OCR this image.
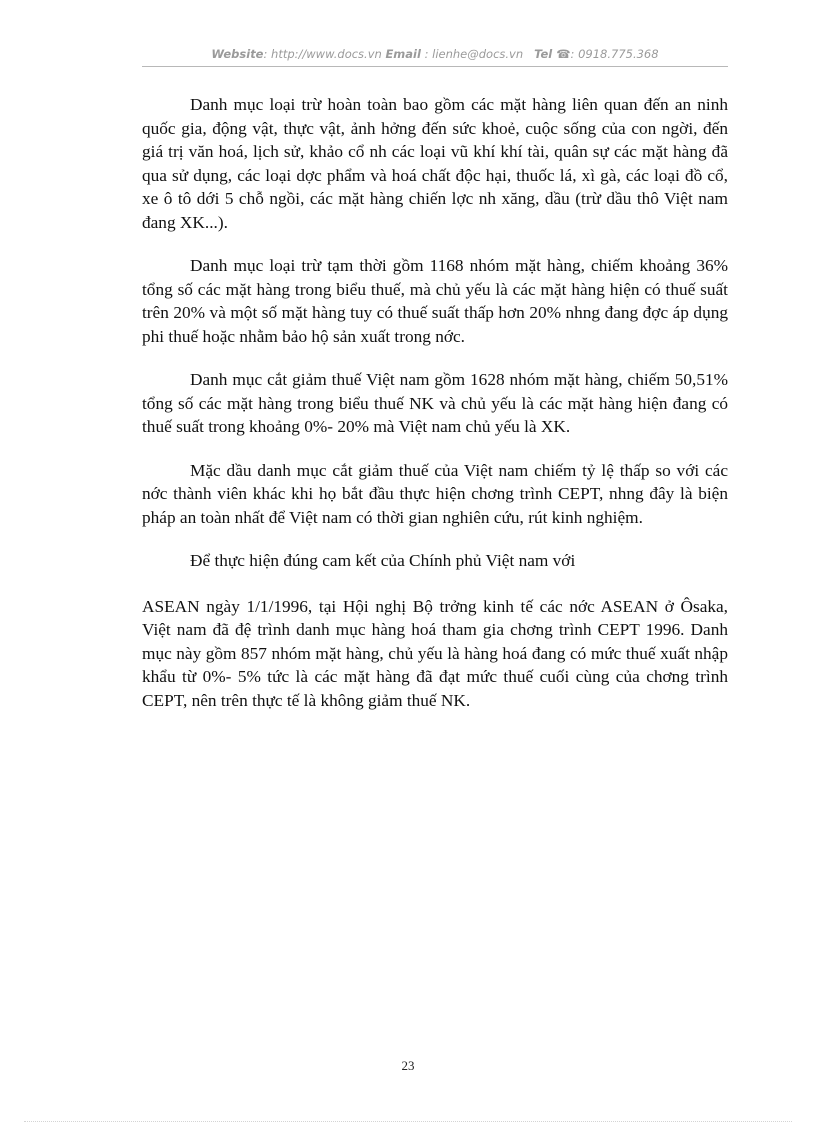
Website: http://www.docs.vn Email : lienhe@docs.vn Tel ☎: 0918.775.368

Danh mục loại trừ hoàn toàn bao gồm các mặt hàng liên quan đến an ninh quốc gia, động vật, thực vật, ảnh hởng đến sức khoẻ, cuộc sống của con ngời, đến giá trị văn hoá, lịch sử, khảo cổ nh các loại vũ khí khí tài, quân sự các mặt hàng đã qua sử dụng, các loại dợc phẩm và hoá chất độc hại, thuốc lá, xì gà, các loại đồ cổ, xe ô tô dới 5 chỗ ngồi, các mặt hàng chiến lợc nh xăng, dầu (trừ dầu thô Việt nam đang XK...).

Danh mục loại trừ tạm thời gồm 1168 nhóm mặt hàng, chiếm khoảng 36% tổng số các mặt hàng trong biểu thuế, mà chủ yếu là các mặt hàng hiện có thuế suất trên 20% và một số mặt hàng tuy có thuế suất thấp hơn 20% nhng đang đợc áp dụng phi thuế hoặc nhằm bảo hộ sản xuất trong nớc.

Danh mục cắt giảm thuế Việt nam gồm 1628 nhóm mặt hàng, chiếm 50,51% tổng số các mặt hàng trong biểu thuế NK và chủ yếu là các mặt hàng hiện đang có thuế suất trong khoảng 0%- 20% mà Việt nam chủ yếu là XK.

Mặc dầu danh mục cắt giảm thuế của Việt nam chiếm tỷ lệ thấp so với các nớc thành viên khác khi họ bắt đầu thực hiện chơng trình CEPT, nhng đây là biện pháp an toàn nhất để Việt nam có thời gian nghiên cứu, rút kinh nghiệm.

Để thực hiện đúng cam kết của Chính phủ Việt nam với

ASEAN ngày 1/1/1996, tại Hội nghị Bộ trởng kinh tế các nớc ASEAN ở Ôsaka, Việt nam đã đệ trình danh mục hàng hoá tham gia chơng trình CEPT 1996. Danh mục này gồm 857 nhóm mặt hàng, chủ yếu là hàng hoá đang có mức thuế xuất nhập khẩu từ 0%- 5% tức là các mặt hàng đã đạt mức thuế cuối cùng của chơng trình CEPT, nên trên thực tế là không giảm thuế NK.

23
